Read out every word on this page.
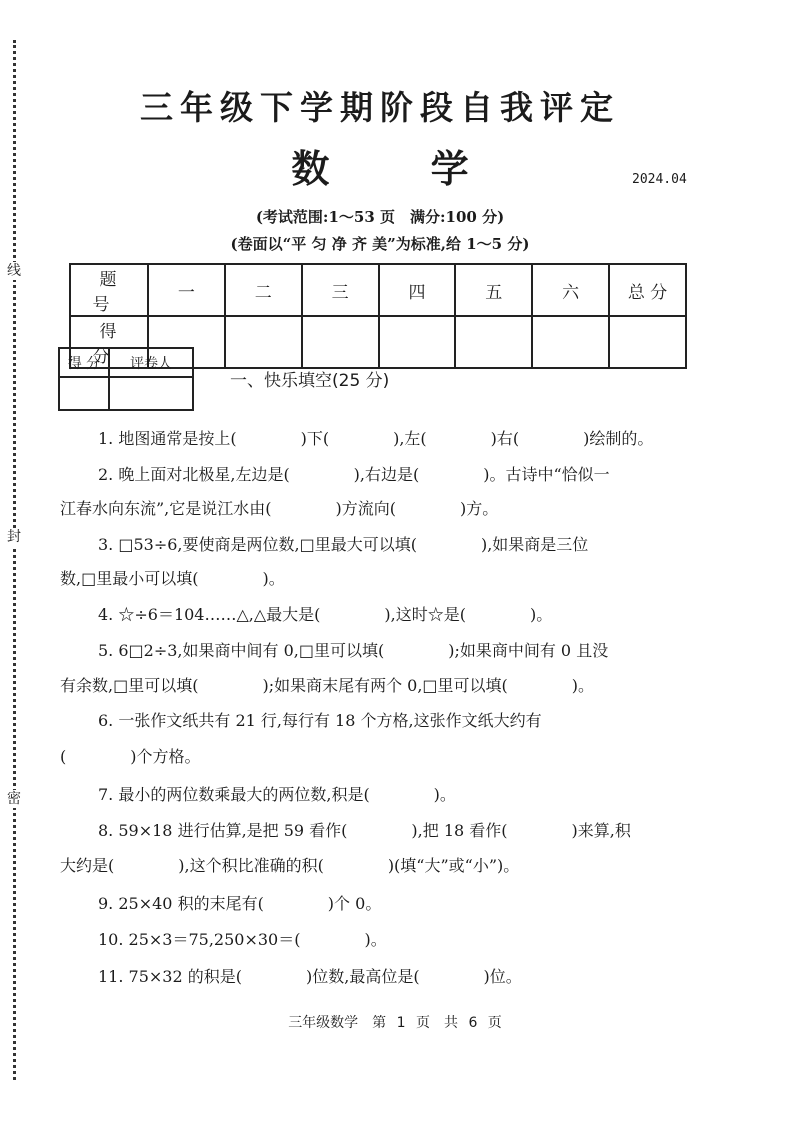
线
封
密
三年级下学期阶段自我评定
数 学	2024.04
(考试范围:1～53 页　满分:100 分)
(卷面以“平 匀 净 齐 美”为标准,给 1～5 分)
题 号	一	二	三	四	五	六	总 分
得 分							
得 分	评卷人

一、快乐填空(25 分)
1. 地图通常是按上(　　　　)下(　　　　),左(　　　　)右(　　　　)绘制的。
2. 晚上面对北极星,左边是(　　　　),右边是(　　　　)。古诗中“恰似一
江春水向东流”,它是说江水由(　　　　)方流向(　　　　)方。
3. □53÷6,要使商是两位数,□里最大可以填(　　　　),如果商是三位
数,□里最小可以填(　　　　)。
4. ☆÷6＝104……△,△最大是(　　　　),这时☆是(　　　　)。
5. 6□2÷3,如果商中间有 0,□里可以填(　　　　);如果商中间有 0 且没
有余数,□里可以填(　　　　);如果商末尾有两个 0,□里可以填(　　　　)。
6. 一张作文纸共有 21 行,每行有 18 个方格,这张作文纸大约有
(　　　　)个方格。
7. 最小的两位数乘最大的两位数,积是(　　　　)。
8. 59×18 进行估算,是把 59 看作(　　　　),把 18 看作(　　　　)来算,积
大约是(　　　　),这个积比准确的积(　　　　)(填“大”或“小”)。
9. 25×40 积的末尾有(　　　　)个 0。
10. 25×3＝75,250×30＝(　　　　)。
11. 75×32 的积是(　　　　)位数,最高位是(　　　　)位。
三年级数学　第 1 页　共 6 页
